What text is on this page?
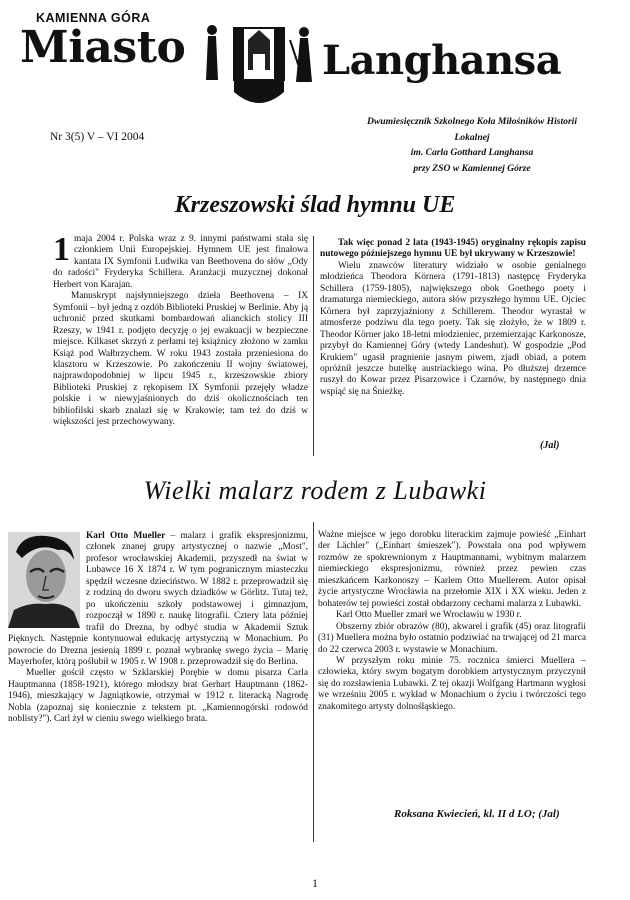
KAMIENNA GÓRA
Miasto	Langhansa
Nr 3(5) V – VI 2004
Dwumiesięcznik Szkolnego Koła Miłośników Historii
Lokalnej
im. Carla Gotthard Langhansa
przy ZSO w Kamiennej Górze
Krzeszowski ślad hymnu UE

1 maja 2004 r. Polska wraz z 9. innymi państwami stała się członkiem Unii Europejskiej. Hymnem UE jest finałowa kantata IX Symfonii Ludwika van Beethovena do słów „Ody do radości" Fryderyka Schillera. Aranżacji muzycznej dokonał Herbert von Karajan.

Manuskrypt najsłynniejszego dzieła Beethovena – IX Symfonii – był jedną z ozdób Biblioteki Pruskiej w Berlinie. Aby ją uchronić przed skutkami bombardowań alianckich stolicy III Rzeszy, w 1941 r. podjęto decyzję o jej ewakuacji w bezpieczne miejsce. Kilkaset skrzyń z perłami tej książnicy złożono w zamku Książ pod Wałbrzychem. W roku 1943 została przeniesiona do klasztoru w Krzeszowie. Po zakończeniu II wojny światowej, najprawdopodobniej w lipcu 1945 r., krzeszowskie zbiory Biblioteki Pruskiej z rękopisem IX Symfonii przejęły władze polskie i w niewyjaśnionych do dziś okolicznościach ten bibliofilski skarb znalazł się w Krakowie; tam też do dziś w większości jest przechowywany.

Tak więc ponad 2 lata (1943-1945) oryginalny rękopis zapisu nutowego późniejszego hymnu UE był ukrywany w Krzeszowie!

Wielu znawców literatury widziało w osobie genialnego młodzieńca Theodora Körnera (1791-1813) następcę Fryderyka Schillera (1759-1805), największego obok Goethego poety i dramaturga niemieckiego, autora słów przyszłego hymnu UE. Ojciec Körnera był zaprzyjaźniony z Schillerem. Theodor wyrastał w atmosferze podziwu dla tego poety. Tak się złożyło, że w 1809 r. Theodor Körner jako 18-letni młodzieniec, przemierzając Karkonosze, przybył do Kamiennej Góry (wtedy Landeshut). W gospodzie „Pod Krukiem" ugasił pragnienie jasnym piwem, zjadł obiad, a potem opróżnił jeszcze butelkę austriackiego wina. Po dłuższej drzemce ruszył do Kowar przez Pisarzowice i Czarnów, by następnego dnia wspiąć się na Śnieżkę.

(Jal)
Wielki malarz rodem z Lubawki

Karl Otto Mueller – malarz i grafik ekspresjonizmu, członek znanej grupy artystycznej o nazwie „Most", profesor wrocławskiej Akademii, przyszedł na świat w Lubawce 16 X 1874 r. W tym pogranicznym miasteczku spędził wczesne dzieciństwo. W 1882 r. przeprowadził się z rodziną do dworu swych dziadków w Görlitz. Tutaj też, po ukończeniu szkoły podstawowej i gimnazjum, rozpoczął w 1890 r. naukę litografii. Cztery lata później trafił do Drezna, by odbyć studia w Akademii Sztuk Pięknych. Następnie kontynuował edukację artystyczną w Monachium. Po powrocie do Drezna jesienią 1899 r. poznał wybrankę swego życia – Marię Mayerhofer, którą poślubił w 1905 r. W 1908 r. przeprowadził się do Berlina.

Mueller gościł często w Szklarskiej Porębie w domu pisarza Carla Hauptmanna (1858-1921), którego młodszy brat Gerhart Hauptmann (1862-1946), mieszkający w Jagniątkowie, otrzymał w 1912 r. literacką Nagrodę Nobla (zapoznaj się koniecznie z tekstem pt. „Kamiennogórski rodowód noblisty?"). Carl żył w cieniu swego wielkiego brata.

Ważne miejsce w jego dorobku literackim zajmuje powieść „Einhart der Lächler" („Einhart śmieszek"). Powstała ona pod wpływem rozmów ze spokrewnionym z Hauptmannami, wybitnym malarzem niemieckiego ekspresjonizmu, również przez pewien czas mieszkańcem Karkonoszy – Karlem Otto Muellerem. Autor opisał życie artystyczne Wrocławia na przełomie XIX i XX wieku. Jeden z bohaterów tej powieści został obdarzony cechami malarza z Lubawki.

Karl Otto Mueller zmarł we Wrocławiu w 1930 r.

Obszerny zbiór obrazów (80), akwarel i grafik (45) oraz litografii (31) Muellera można było ostatnio podziwiać na trwającej od 21 marca do 22 czerwca 2003 r. wystawie w Monachium.

W przyszłym roku minie 75. rocznica śmierci Muellera – człowieka, który swym bogatym dorobkiem artystycznym przyczynił się do rozsławienia Lubawki. Z tej okazji Wolfgang Hartmann wygłosi we wrześniu 2005 r. wykład w Monachium o życiu i twórczości tego znakomitego artysty dolnośląskiego.

Roksana Kwiecień, kl. II d LO; (Jal)
1
